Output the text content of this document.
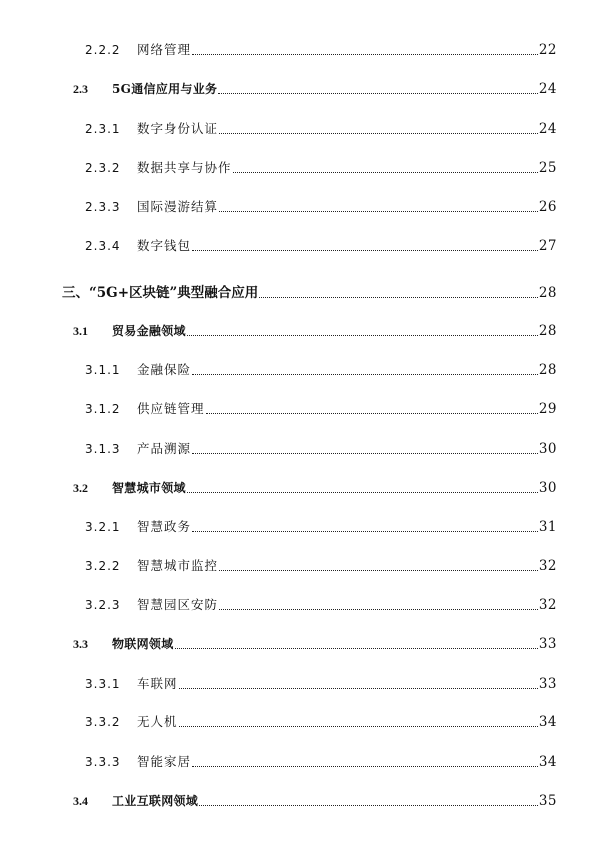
2.2.2	网络管理	22
2.3	5G通信应用与业务	24
2.3.1	数字身份认证	24
2.3.2	数据共享与协作	25
2.3.3	国际漫游结算	26
2.3.4	数字钱包	27
三、 “5G+区块链”典型融合应用	28
3.1	贸易金融领域	28
3.1.1	金融保险	28
3.1.2	供应链管理	29
3.1.3	产品溯源	30
3.2	智慧城市领域	30
3.2.1	智慧政务	31
3.2.2	智慧城市监控	32
3.2.3	智慧园区安防	32
3.3	物联网领域	33
3.3.1	车联网	33
3.3.2	无人机	34
3.3.3	智能家居	34
3.4	工业互联网领域	35
